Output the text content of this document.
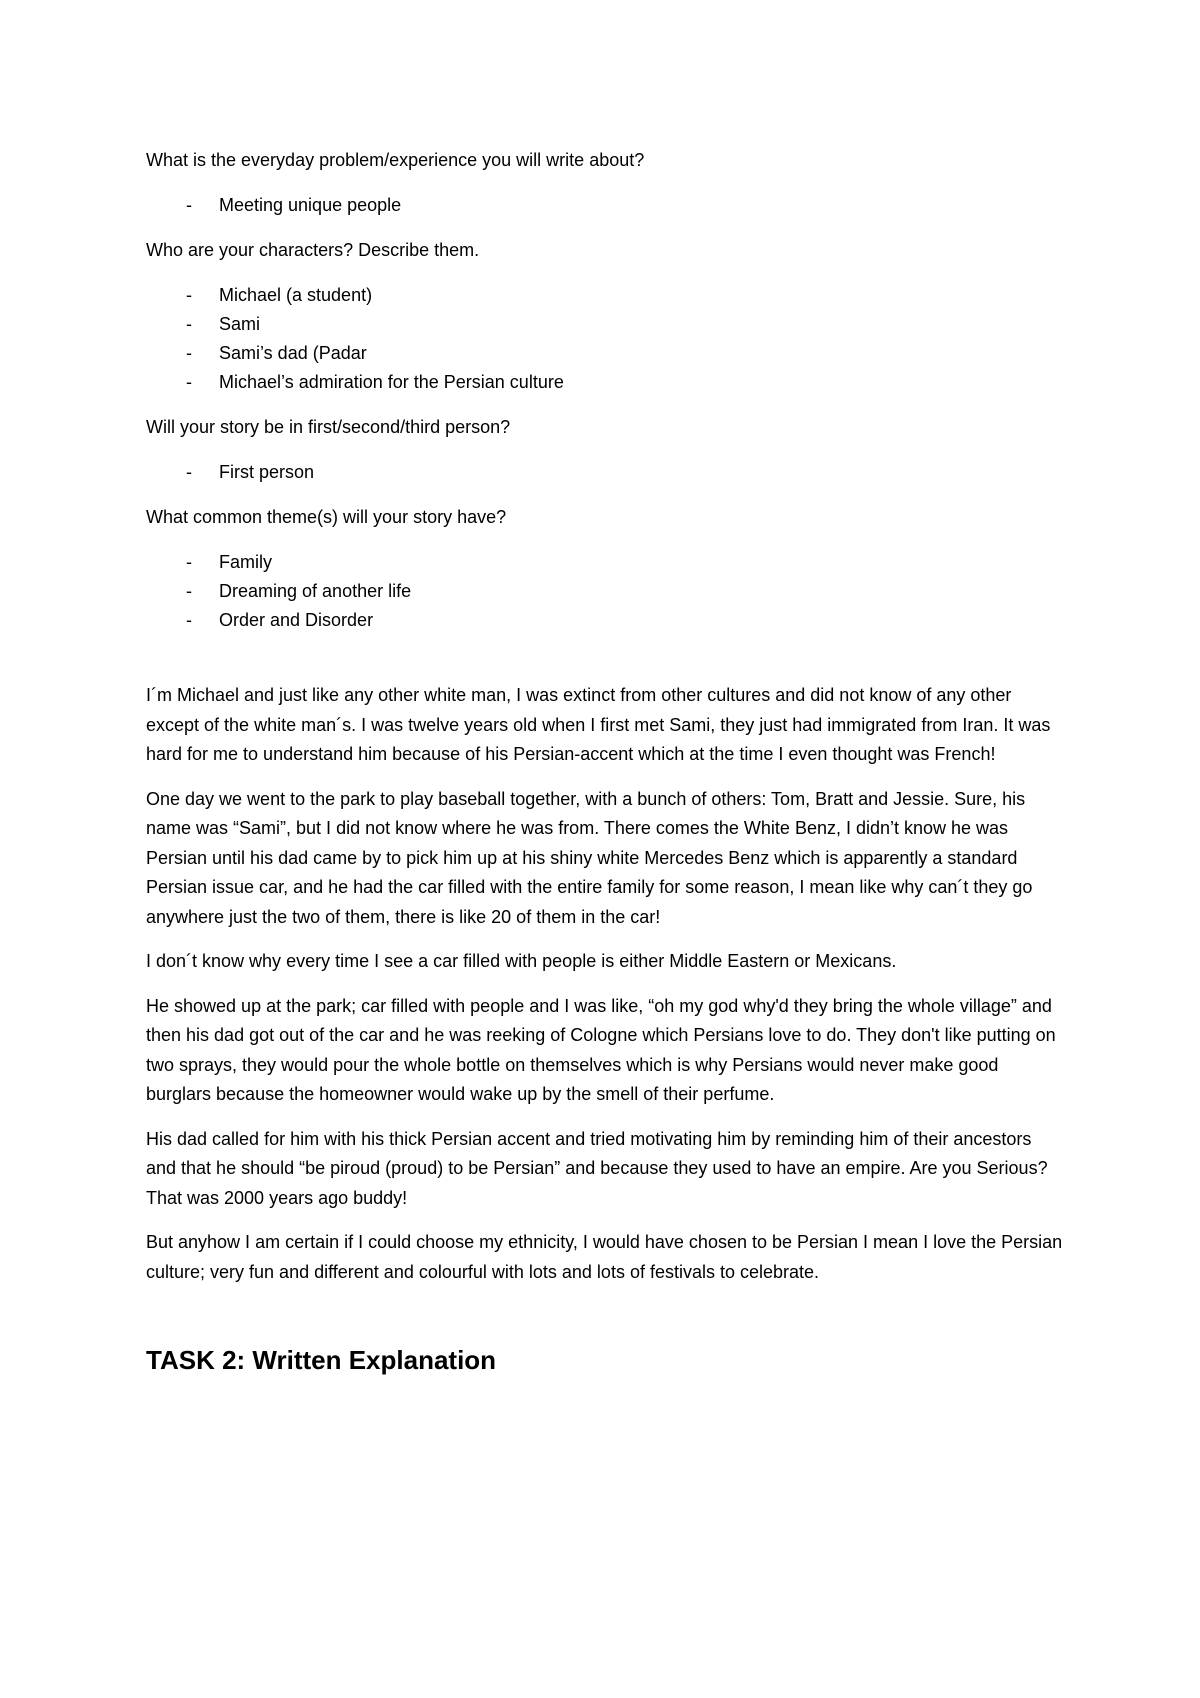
What is the everyday problem/experience you will write about?

- Meeting unique people

Who are your characters? Describe them.

- Michael (a student)
- Sami
- Sami’s dad (Padar
- Michael’s admiration for the Persian culture

Will your story be in first/second/third person?

- First person

What common theme(s) will your story have?

- Family
- Dreaming of another life
- Order and Disorder

I´m Michael and just like any other white man, I was extinct from other cultures and did not know of any other except of the white man´s. I was twelve years old when I first met Sami, they just had immigrated from Iran. It was hard for me to understand him because of his Persian-accent which at the time I even thought was French!

One day we went to the park to play baseball together, with a bunch of others: Tom, Bratt and Jessie. Sure, his name was “Sami”, but I did not know where he was from. There comes the White Benz, I didn’t know he was Persian until his dad came by to pick him up at his shiny white Mercedes Benz which is apparently a standard Persian issue car, and he had the car filled with the entire family for some reason, I mean like why can´t they go anywhere just the two of them, there is like 20 of them in the car!

I don´t know why every time I see a car filled with people is either Middle Eastern or Mexicans.

He showed up at the park; car filled with people and I was like, “oh my god why'd they bring the whole village” and then his dad got out of the car and he was reeking of Cologne which Persians love to do. They don't like putting on two sprays, they would pour the whole bottle on themselves which is why Persians would never make good burglars because the homeowner would wake up by the smell of their perfume.

His dad called for him with his thick Persian accent and tried motivating him by reminding him of their ancestors and that he should “be piroud (proud) to be Persian” and because they used to have an empire. Are you Serious? That was 2000 years ago buddy!

But anyhow I am certain if I could choose my ethnicity, I would have chosen to be Persian I mean I love the Persian culture; very fun and different and colourful with lots and lots of festivals to celebrate.

TASK 2: Written Explanation
